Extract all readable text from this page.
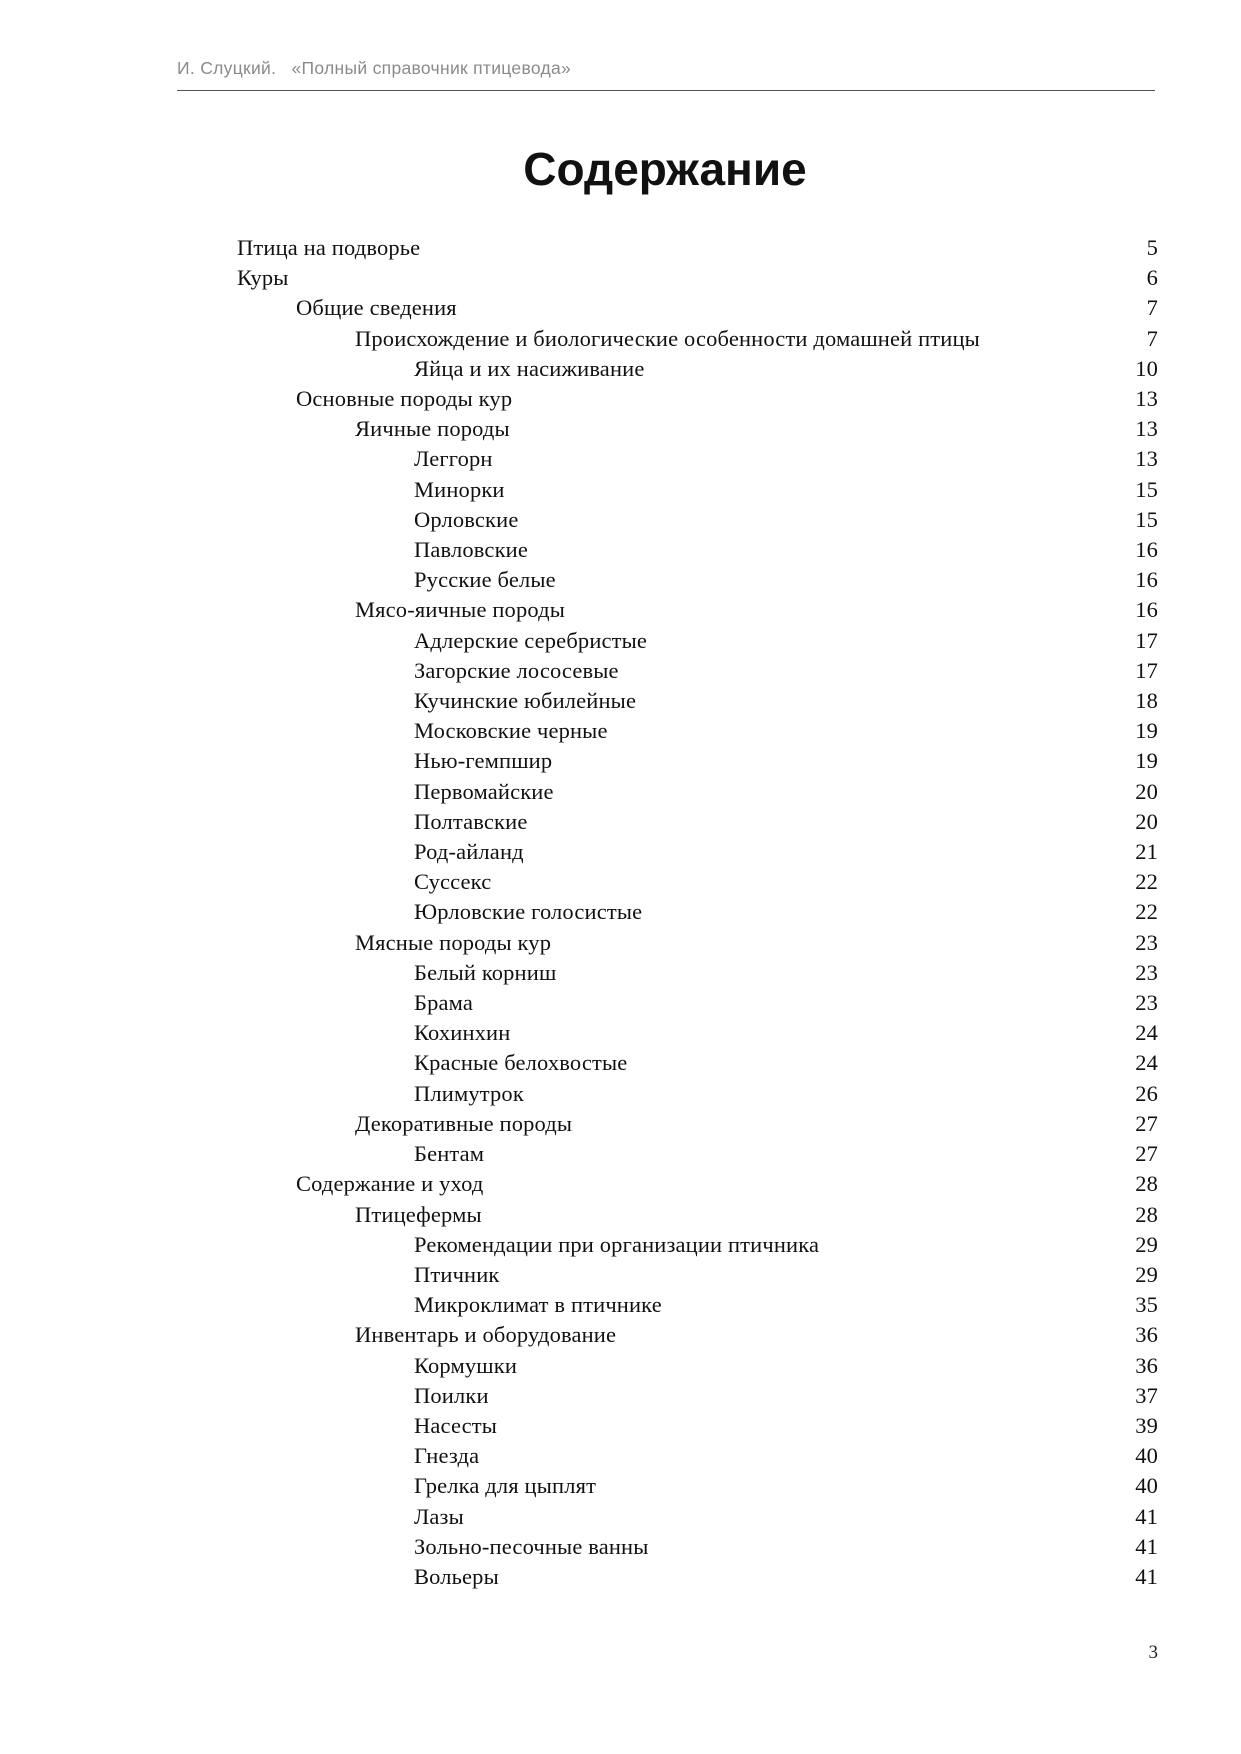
И. Слуцкий. «Полный справочник птицевода»
Содержание
Птица на подворье	5
Куры	6
Общие сведения	7
Происхождение и биологические особенности домашней птицы	7
Яйца и их насиживание	10
Основные породы кур	13
Яичные породы	13
Леггорн	13
Минорки	15
Орловские	15
Павловские	16
Русские белые	16
Мясо-яичные породы	16
Адлерские серебристые	17
Загорские лососевые	17
Кучинские юбилейные	18
Московские черные	19
Нью-гемпшир	19
Первомайские	20
Полтавские	20
Род-айланд	21
Суссекс	22
Юрловские голосистые	22
Мясные породы кур	23
Белый корниш	23
Брама	23
Кохинхин	24
Красные белохвостые	24
Плимутрок	26
Декоративные породы	27
Бентам	27
Содержание и уход	28
Птицефермы	28
Рекомендации при организации птичника	29
Птичник	29
Микроклимат в птичнике	35
Инвентарь и оборудование	36
Кормушки	36
Поилки	37
Насесты	39
Гнезда	40
Грелка для цыплят	40
Лазы	41
Зольно-песочные ванны	41
Вольеры	41
3
